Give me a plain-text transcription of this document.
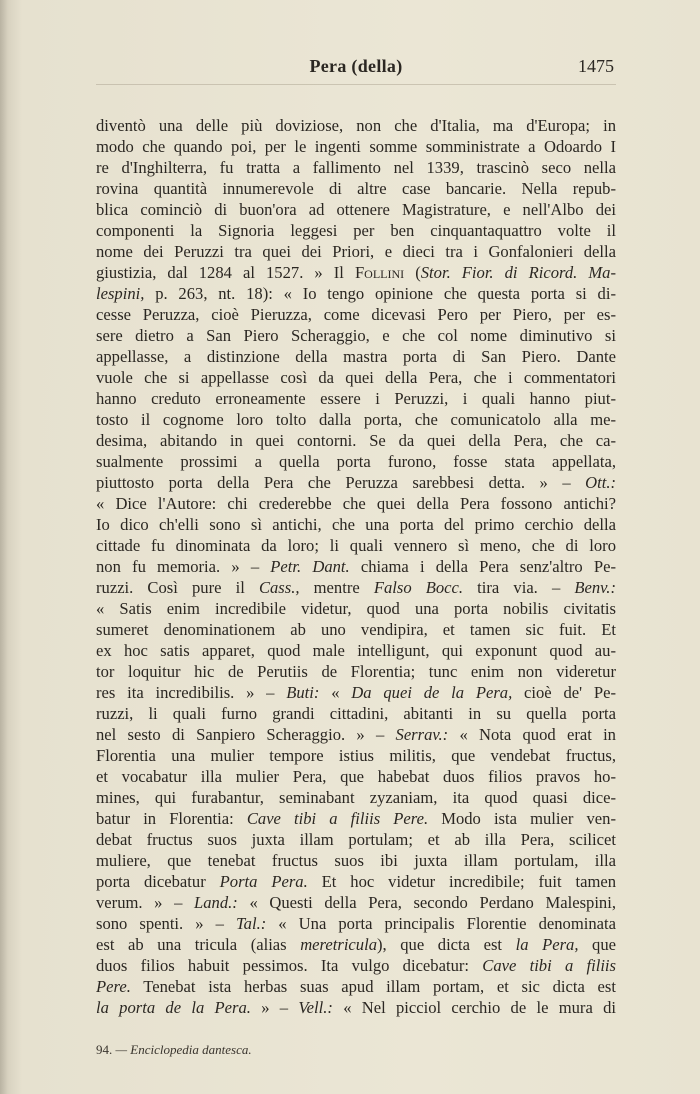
Pera (della)	1475
diventò una delle più doviziose, non che d'Italia, ma d'Europa; in
modo che quando poi, per le ingenti somme somministrate a Odoardo I
re d'Inghilterra, fu tratta a fallimento nel 1339, trascinò seco nella
rovina quantità innumerevole di altre case bancarie. Nella repub-
blica cominciò di buon'ora ad ottenere Magistrature, e nell'Albo dei
componenti la Signoria leggesi per ben cinquantaquattro volte il
nome dei Peruzzi tra quei dei Priori, e dieci tra i Gonfalonieri della
giustizia, dal 1284 al 1527. » Il Follini (Stor. Fior. di Ricord. Ma-
lespini, p. 263, nt. 18): « Io tengo opinione che questa porta si di-
cesse Peruzza, cioè Pieruzza, come dicevasi Pero per Piero, per es-
sere dietro a San Piero Scheraggio, e che col nome diminutivo si
appellasse, a distinzione della mastra porta di San Piero. Dante
vuole che si appellasse così da quei della Pera, che i commentatori
hanno creduto erroneamente essere i Peruzzi, i quali hanno piut-
tosto il cognome loro tolto dalla porta, che comunicatolo alla me-
desima, abitando in quei contorni. Se da quei della Pera, che ca-
sualmente prossimi a quella porta furono, fosse stata appellata,
piuttosto porta della Pera che Peruzza sarebbesi detta. » – Ott.:
« Dice l'Autore: chi crederebbe che quei della Pera fossono antichi?
Io dico ch'elli sono sì antichi, che una porta del primo cerchio della
cittade fu dinominata da loro; li quali vennero sì meno, che di loro
non fu memoria. » – Petr. Dant. chiama i della Pera senz'altro Pe-
ruzzi. Così pure il Cass., mentre Falso Bocc. tira via. – Benv.:
« Satis enim incredibile videtur, quod una porta nobilis civitatis
sumeret denominationem ab uno vendipira, et tamen sic fuit. Et
ex hoc satis apparet, quod male intelligunt, qui exponunt quod au-
tor loquitur hic de Perutiis de Florentia; tunc enim non videretur
res ita incredibilis. » – Buti: « Da quei de la Pera, cioè de' Pe-
ruzzi, li quali furno grandi cittadini, abitanti in su quella porta
nel sesto di Sanpiero Scheraggio. » – Serrav.: « Nota quod erat in
Florentia una mulier tempore istius militis, que vendebat fructus,
et vocabatur illa mulier Pera, que habebat duos filios pravos ho-
mines, qui furabantur, seminabant zyzaniam, ita quod quasi dice-
batur in Florentia: Cave tibi a filiis Pere. Modo ista mulier ven-
debat fructus suos juxta illam portulam; et ab illa Pera, scilicet
muliere, que tenebat fructus suos ibi juxta illam portulam, illa
porta dicebatur Porta Pera. Et hoc videtur incredibile; fuit tamen
verum. » – Land.: « Questi della Pera, secondo Perdano Malespini,
sono spenti. » – Tal.: « Una porta principalis Florentie denominata
est ab una tricula (alias meretricula), que dicta est la Pera, que
duos filios habuit pessimos. Ita vulgo dicebatur: Cave tibi a filiis
Pere. Tenebat ista herbas suas apud illam portam, et sic dicta est
la porta de la Pera. » – Vell.: « Nel picciol cerchio de le mura di
94. — Enciclopedia dantesca.
